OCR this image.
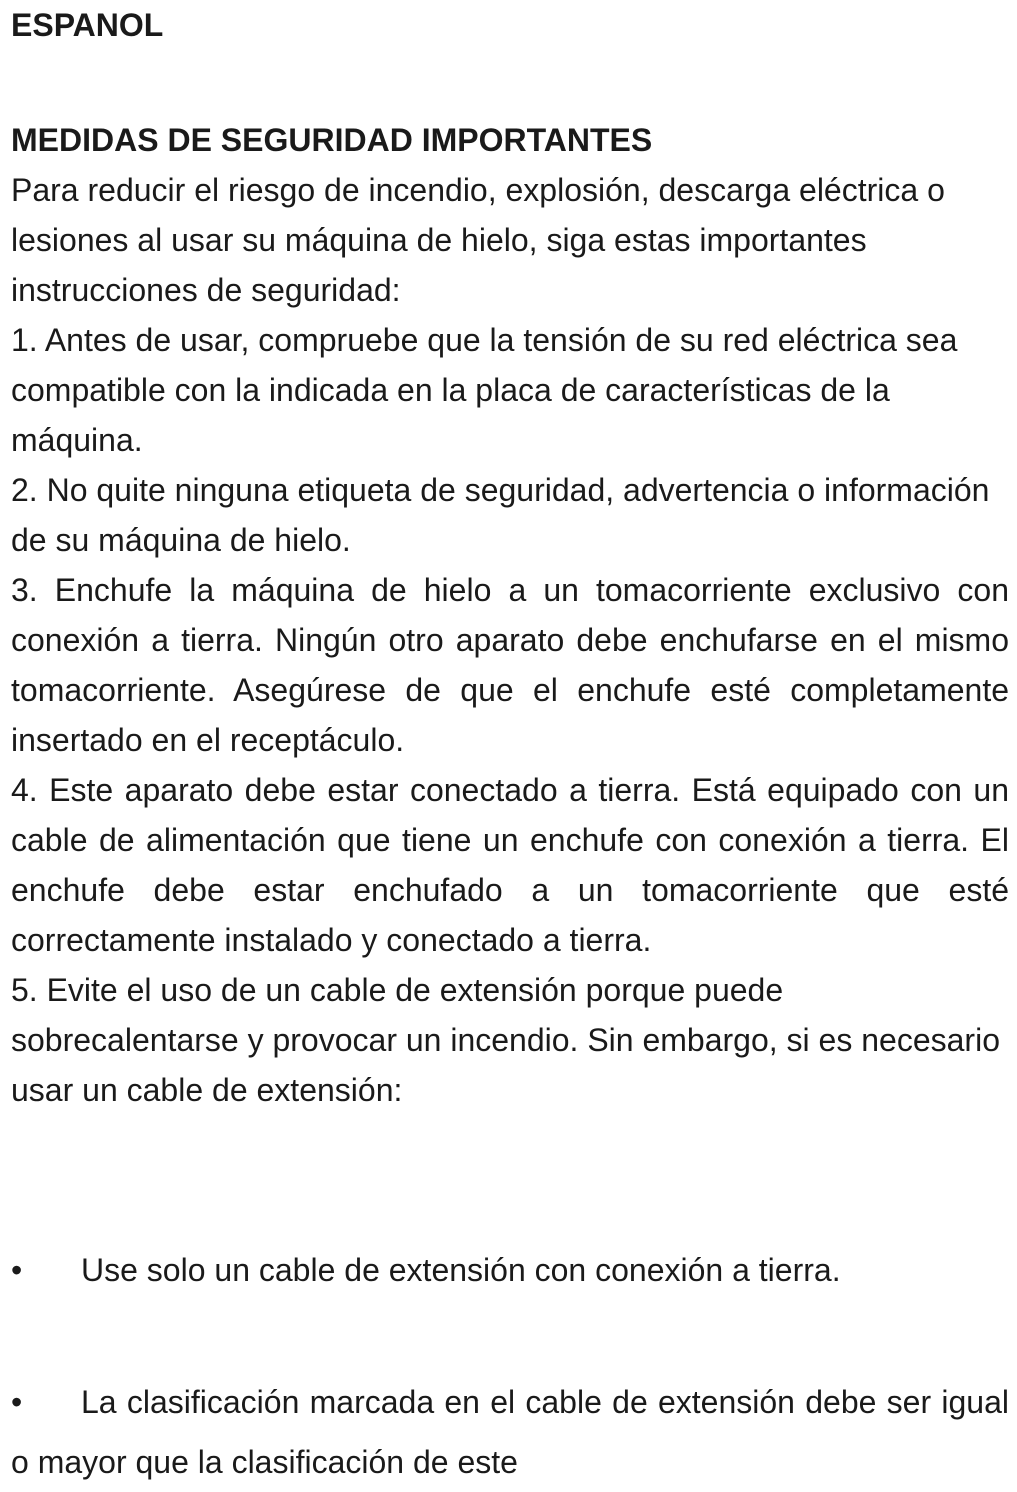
ESPANOL
MEDIDAS DE SEGURIDAD IMPORTANTES

Para reducir el riesgo de incendio, explosión, descarga eléctrica o lesiones al usar su máquina de hielo, siga estas importantes instrucciones de seguridad:

1. Antes de usar, compruebe que la tensión de su red eléctrica sea compatible con la indicada en la placa de características de la máquina.

2. No quite ninguna etiqueta de seguridad, advertencia o información de su máquina de hielo.

3. Enchufe la máquina de hielo a un tomacorriente exclusivo con conexión a tierra. Ningún otro aparato debe enchufarse en el mismo tomacorriente. Asegúrese de que el enchufe esté completamente insertado en el receptáculo.

4. Este aparato debe estar conectado a tierra. Está equipado con un cable de alimentación que tiene un enchufe con conexión a tierra. El enchufe debe estar enchufado a un tomacorriente que esté correctamente instalado y conectado a tierra.

5. Evite el uso de un cable de extensión porque puede sobrecalentarse y provocar un incendio. Sin embargo, si es necesario usar un cable de extensión:

• Use solo un cable de extensión con conexión a tierra.

• La clasificación marcada en el cable de extensión debe ser igual o mayor que la clasificación de este
